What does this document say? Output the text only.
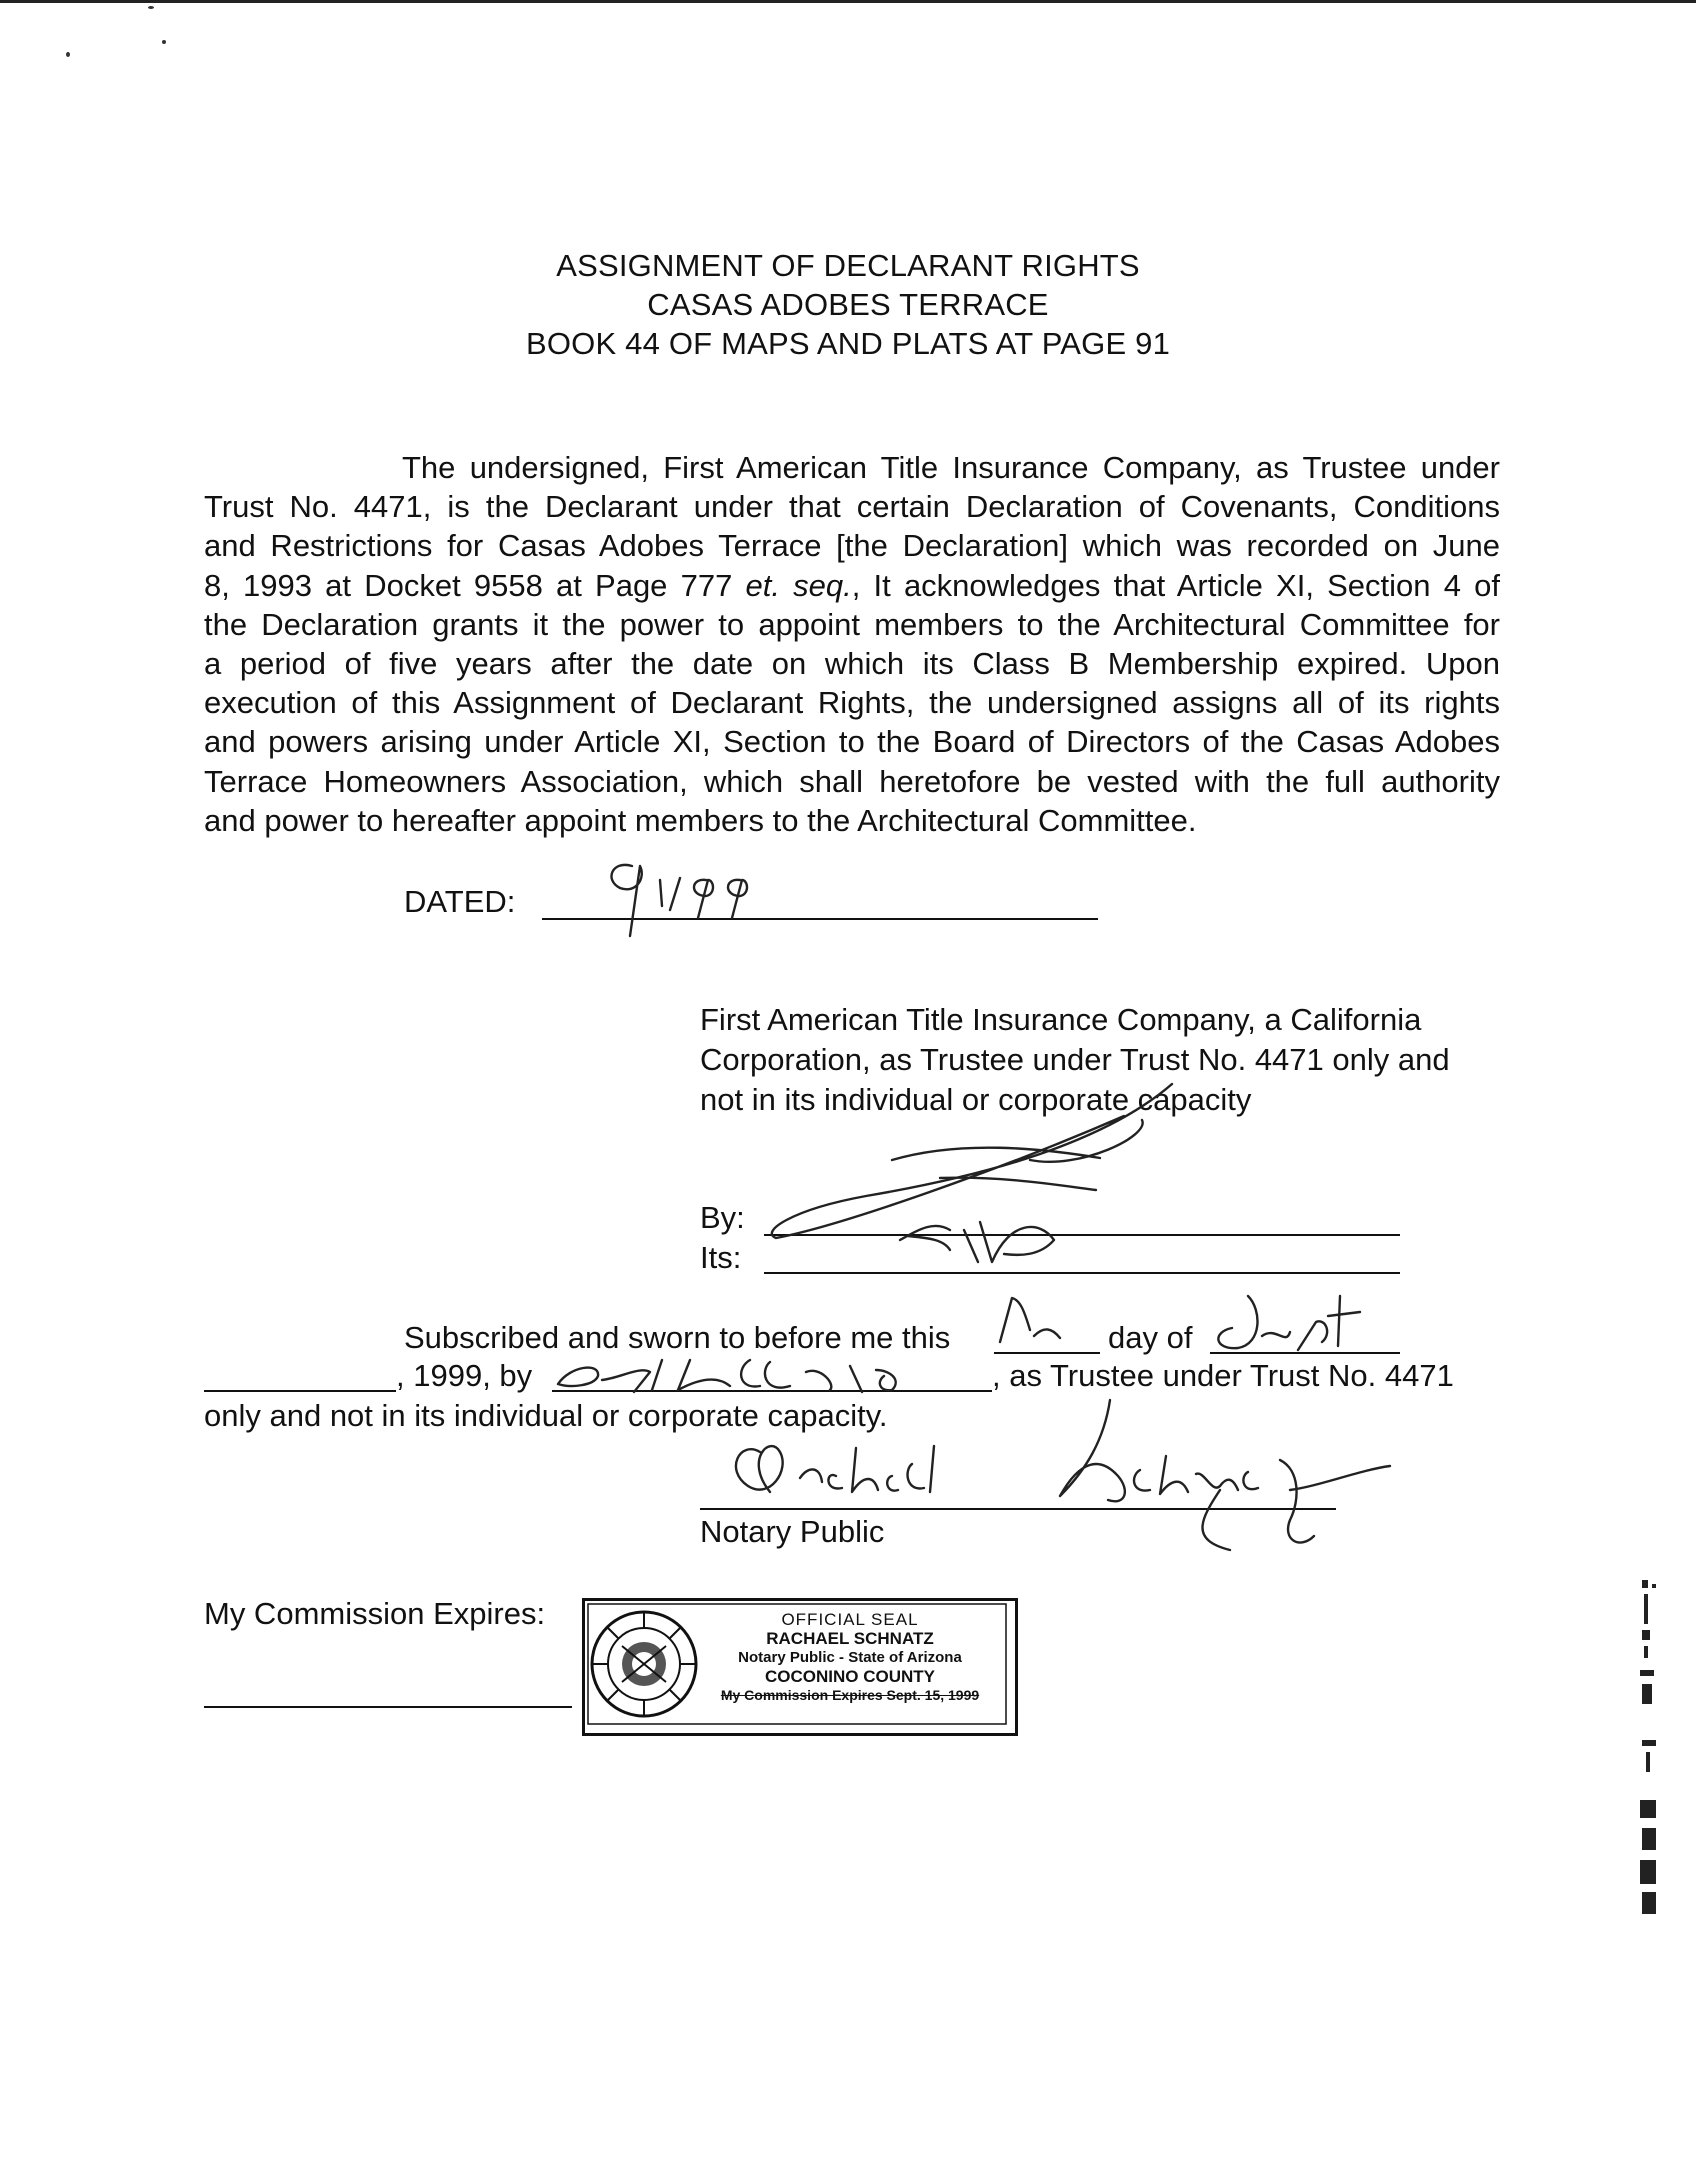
ASSIGNMENT OF DECLARANT RIGHTS
CASAS ADOBES TERRACE
BOOK 44 OF MAPS AND PLATS AT PAGE 91
The undersigned, First American Title Insurance Company, as Trustee under
Trust No. 4471, is the Declarant under that certain Declaration of Covenants, Conditions
and Restrictions for Casas Adobes Terrace [the Declaration] which was recorded on June
8, 1993 at Docket 9558 at Page 777 et. seq., It acknowledges that Article XI, Section 4 of
the Declaration grants it the power to appoint members to the Architectural Committee for
a period of five years after the date on which its Class B Membership expired. Upon
execution of this Assignment of Declarant Rights, the undersigned assigns all of its rights
and powers arising under Article XI, Section to the Board of Directors of the Casas Adobes
Terrace Homeowners Association, which shall heretofore be vested with the full authority
and power to hereafter appoint members to the Architectural Committee.
DATED:
First American Title Insurance Company, a California
Corporation, as Trustee under Trust No. 4471 only and
not in its individual or corporate capacity
By:
Its:
Subscribed and sworn to before me this	day of
, 1999, by	, as Trustee under Trust No. 4471
only and not in its individual or corporate capacity.
Notary Public
My Commission Expires:	OFFICIAL SEAL
RACHAEL SCHNATZ
Notary Public - State of Arizona
COCONINO COUNTY
My Commission Expires Sept. 15, 1999
